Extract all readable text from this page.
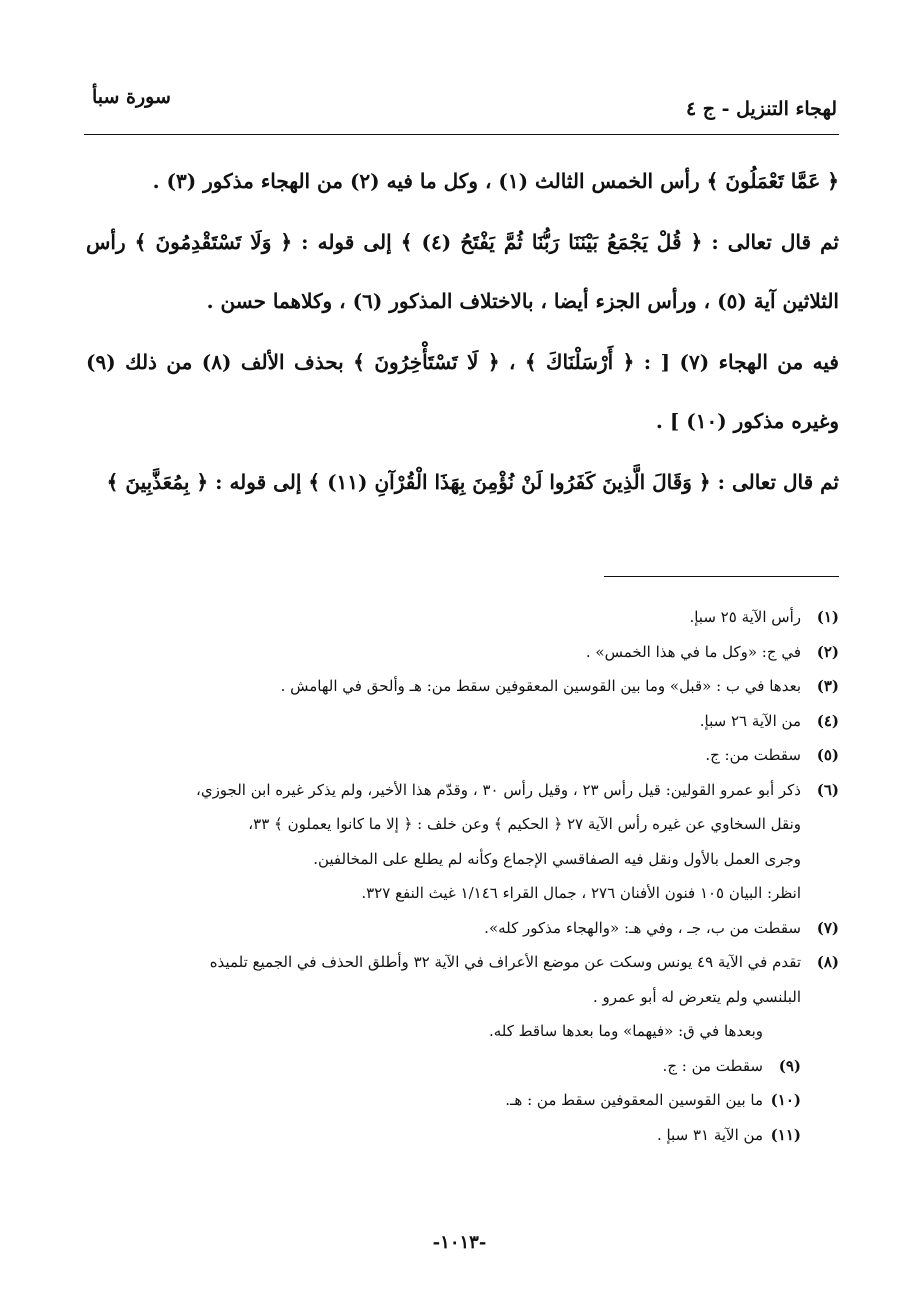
لهجاء التنزيل - ج ٤
سورة سبأ

﴿ عَمَّا تَعْمَلُونَ ﴾ رأس الخمس الثالث (١) ، وكل ما فيه (٢) من الهجاء مذكور (٣) .

ثم قال تعالى : ﴿ قُلْ يَجْمَعُ بَيْنَنَا رَبُّنَا ثُمَّ يَفْتَحُ (٤) ﴾ إلى قوله : ﴿ وَلَا تَسْتَقْدِمُونَ ﴾ رأس الثلاثين آية (٥) ، ورأس الجزء أيضا ، بالاختلاف المذكور (٦) ، وكلاهما حسن .

فيه من الهجاء (٧) [ : ﴿ أَرْسَلْنَاكَ ﴾ ، ﴿ لَا تَسْتَأْخِرُونَ ﴾ بحذف الألف (٨) من ذلك (٩) وغيره مذكور (١٠) ] .

ثم قال تعالى : ﴿ وَقَالَ الَّذِينَ كَفَرُوا لَنْ نُؤْمِنَ بِهَذَا الْقُرْآنِ (١١) ﴾ إلى قوله : ﴿ بِمُعَذَّبِينَ ﴾

(١)
رأس الآية ٢٥ سبإ.
(٢)
في ج: «وكل ما في هذا الخمس» .
(٣)
بعدها في ب : «قبل» وما بين القوسين المعقوفين سقط من: هـ وألحق في الهامش .
(٤)
من الآية ٢٦ سبإ.
(٥)
سقطت من: ج.
(٦)
ذكر أبو عمرو القولين: قيل رأس ٢٣ ، وقيل رأس ٣٠ ، وقدّم هذا الأخير، ولم يذكر غيره ابن الجوزي،
ونقل السخاوي عن غيره رأس الآية ٢٧ ﴿ الحكيم ﴾ وعن خلف : ﴿ إلا ما كانوا يعملون ﴾ ٣٣،
وجرى العمل بالأول ونقل فيه الصفاقسي الإجماع وكأنه لم يطلع على المخالفين.
انظر: البيان ١٠٥ فنون الأفنان ٢٧٦ ، جمال القراء ١/١٤٦ غيث النفع ٣٢٧.
(٧)
سقطت من ب، جـ ، وفي هـ: «والهجاء مذكور كله».
(٨)
تقدم في الآية ٤٩ يونس وسكت عن موضع الأعراف في الآية ٣٢ وأطلق الحذف في الجميع تلميذه
البلنسي ولم يتعرض له أبو عمرو .
وبعدها في ق: «فيهما» وما بعدها ساقط كله.
(٩)
سقطت من : ج.
(١٠)
ما بين القوسين المعقوفين سقط من : هـ.
(١١)
من الآية ٣١ سبإ .
-١٠١٣-
